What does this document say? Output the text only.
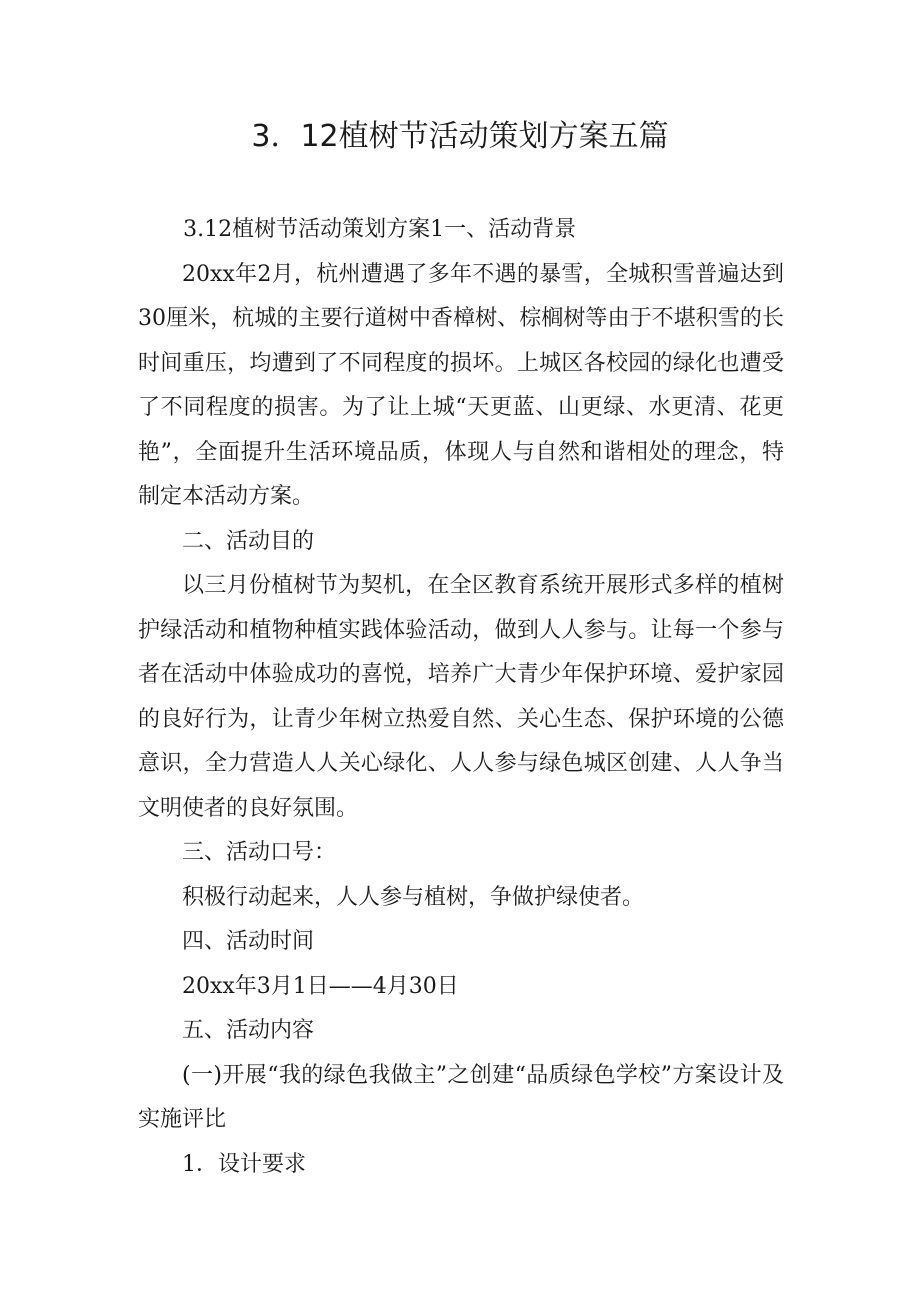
3．12植树节活动策划方案五篇

3.12植树节活动策划方案1一、活动背景

20xx年2月，杭州遭遇了多年不遇的暴雪，全城积雪普遍达到30厘米，杭城的主要行道树中香樟树、棕榈树等由于不堪积雪的长时间重压，均遭到了不同程度的损坏。上城区各校园的绿化也遭受了不同程度的损害。为了让上城“天更蓝、山更绿、水更清、花更艳”，全面提升生活环境品质，体现人与自然和谐相处的理念，特制定本活动方案。

二、活动目的

以三月份植树节为契机，在全区教育系统开展形式多样的植树护绿活动和植物种植实践体验活动，做到人人参与。让每一个参与者在活动中体验成功的喜悦，培养广大青少年保护环境、爱护家园的良好行为，让青少年树立热爱自然、关心生态、保护环境的公德意识，全力营造人人关心绿化、人人参与绿色城区创建、人人争当文明使者的良好氛围。

三、活动口号：

积极行动起来，人人参与植树，争做护绿使者。

四、活动时间

20xx年3月1日——4月30日

五、活动内容

(一)开展“我的绿色我做主”之创建“品质绿色学校”方案设计及实施评比

1．设计要求
